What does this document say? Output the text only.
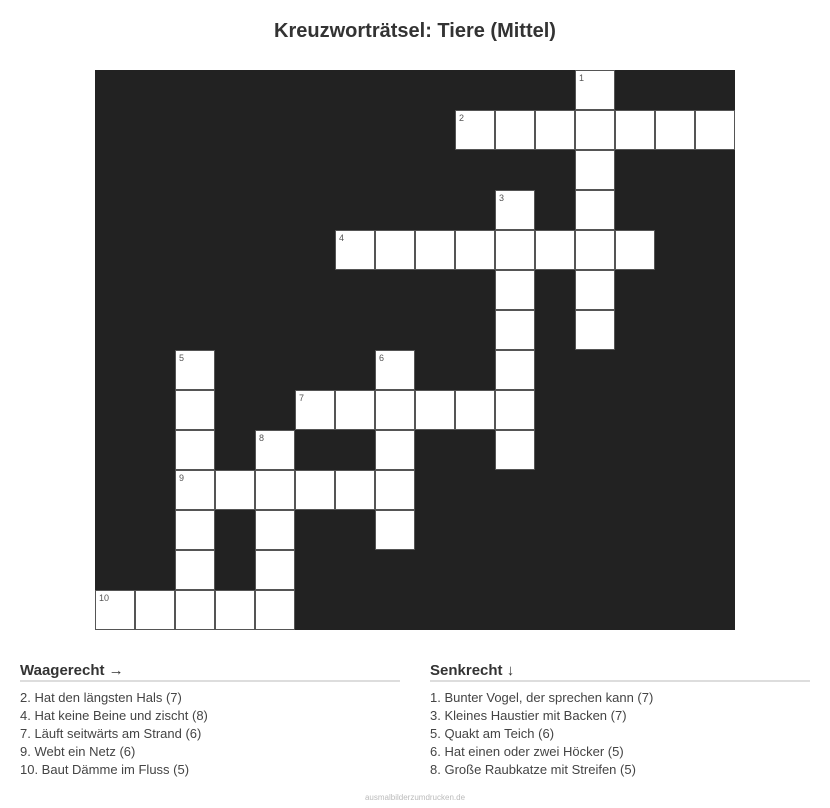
Kreuzworträtsel: Tiere (Mittel)
1
2
3
4
5
9
6
7
8
10
Waagerecht →
2. Hat den längsten Hals (7)
4. Hat keine Beine und zischt (8)
7. Läuft seitwärts am Strand (6)
9. Webt ein Netz (6)
10. Baut Dämme im Fluss (5)
Senkrecht ↓
1. Bunter Vogel, der sprechen kann (7)
3. Kleines Haustier mit Backen (7)
5. Quakt am Teich (6)
6. Hat einen oder zwei Höcker (5)
8. Große Raubkatze mit Streifen (5)
ausmalbilderzumdrucken.de
